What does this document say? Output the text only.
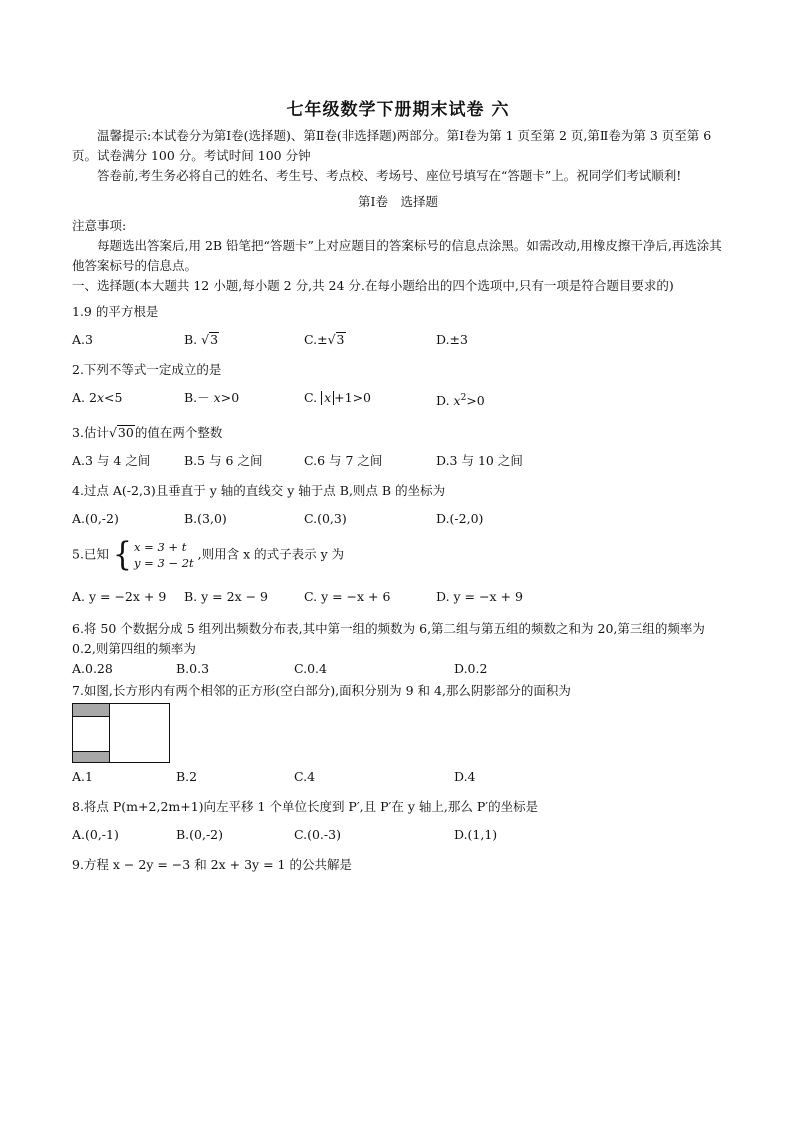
七年级数学下册期末试卷 六
温馨提示:本试卷分为第Ⅰ卷(选择题)、第Ⅱ卷(非选择题)两部分。第Ⅰ卷为第 1 页至第 2 页,第Ⅱ卷为第 3 页至第 6 页。试卷满分 100 分。考试时间 100 分钟
答卷前,考生务必将自己的姓名、考生号、考点校、考场号、座位号填写在“答题卡”上。祝同学们考试顺利!
第Ⅰ卷　选择题
注意事项:
每题选出答案后,用 2B 铅笔把“答题卡”上对应题目的答案标号的信息点涂黑。如需改动,用橡皮擦干净后,再选涂其他答案标号的信息点。
一、选择题(本大题共 12 小题,每小题 2 分,共 24 分.在每小题给出的四个选项中,只有一项是符合题目要求的)
1.9 的平方根是
A.3	B. √3	C.±√3	D.±3
2.下列不等式一定成立的是
A. 2x<5	B.－ x>0	C. x +1>0	D. $x^2>0$
3.估计√30的值在两个整数
A.3 与 4 之间	B.5 与 6 之间	C.6 与 7 之间	D.3 与 10 之间
4.过点 A(-2,3)且垂直于 y 轴的直线交 y 轴于点 B,则点 B 的坐标为
A.(0,-2)	B.(3,0)	C.(0,3)	D.(-2,0)
5.已知 { x = 3 + t
y = 3 − 2t
,则用含 x 的式子表示 y 为
A. y = −2x + 9	B. y = 2x − 9	C. y = −x + 6	D. y = −x + 9
6.将 50 个数据分成 5 组列出频数分布表,其中第一组的频数为 6,第二组与第五组的频数之和为 20,第三组的频率为 0.2,则第四组的频率为
A.0.28	B.0.3	C.0.4	D.0.2
7.如图,长方形内有两个相邻的正方形(空白部分),面积分别为 9 和 4,那么阴影部分的面积为
A.1	B.2	C.4	D.4
8.将点 P(m+2,2m+1)向左平移 1 个单位长度到 P′,且 P′在 y 轴上,那么 P′的坐标是
A.(0,-1)	B.(0,-2)	C.(0.-3)	D.(1,1)
9.方程 x − 2y = −3 和 2x + 3y = 1 的公共解是
